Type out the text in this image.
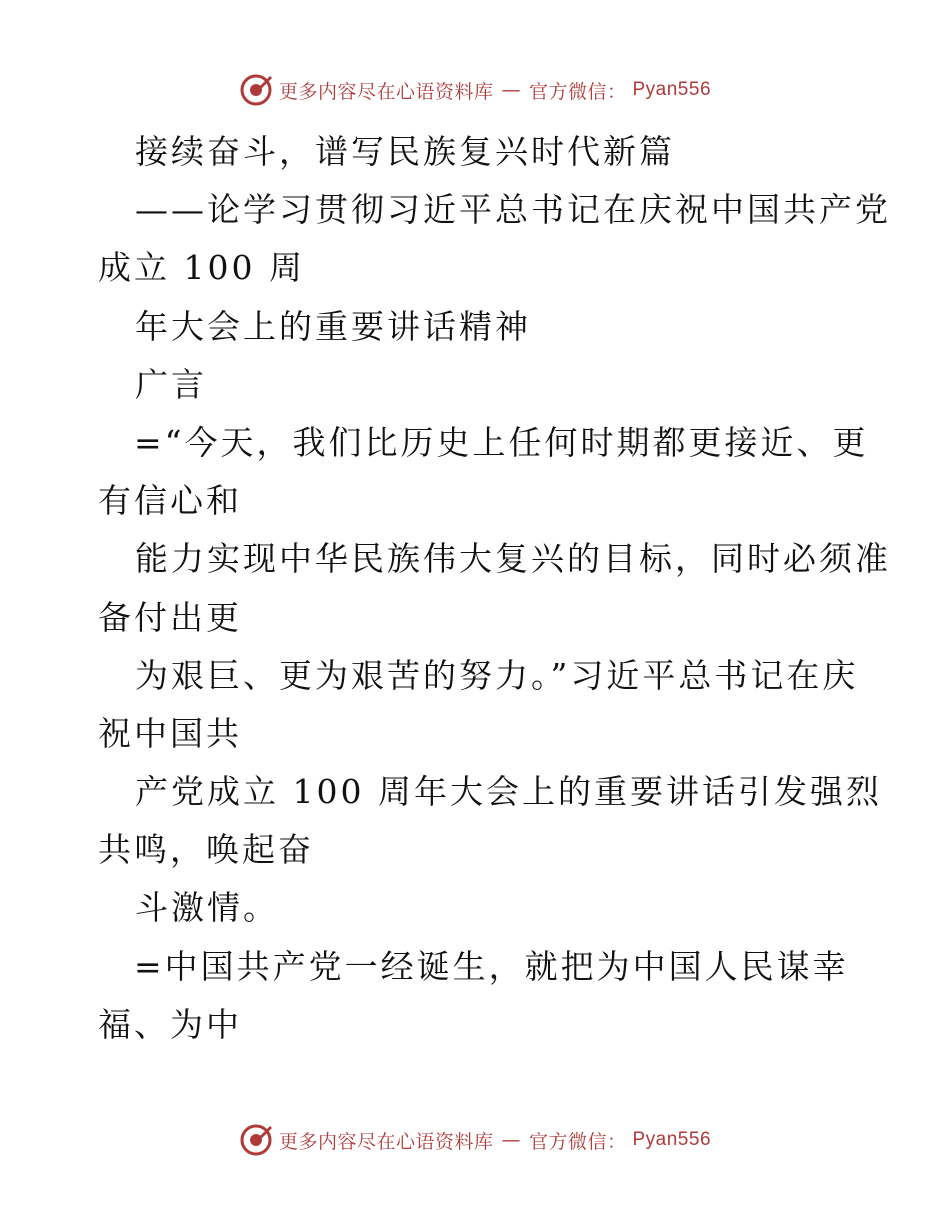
更多内容尽在心语资料库 — 官方微信： Pyan556
接续奋斗，谱写民族复兴时代新篇
——论学习贯彻习近平总书记在庆祝中国共产党
成立 100 周
年大会上的重要讲话精神
广言
=“今天，我们比历史上任何时期都更接近、更
有信心和
能力实现中华民族伟大复兴的目标，同时必须准
备付出更
为艰巨、更为艰苦的努力。”习近平总书记在庆
祝中国共
产党成立 100 周年大会上的重要讲话引发强烈
共鸣，唤起奋
斗激情。
=中国共产党一经诞生，就把为中国人民谋幸
福、为中
更多内容尽在心语资料库 — 官方微信： Pyan556
